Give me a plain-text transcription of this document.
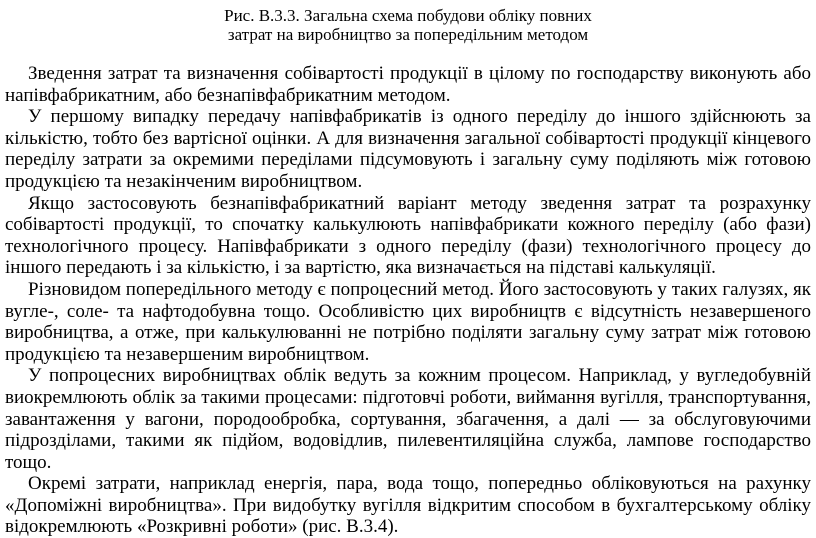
Рис. В.3.3. Загальна схема побудови обліку повних
затрат на виробництво за попередільним методом

Зведення затрат та визначення собівартості продукції в цілому по господарству виконують або напівфабрикатним, або безнапівфабрикатним методом.

У першому випадку передачу напівфабрикатів із одного переділу до іншого здійснюють за кількістю, тобто без вартісної оцінки. А для визначення загальної собівартості продукції кінцевого переділу затрати за окремими переділами підсумовують і загальну суму поділяють між готовою продукцією та незакінченим виробництвом.

Якщо застосовують безнапівфабрикатний варіант методу зведення затрат та розрахунку собівартості продукції, то спочатку калькулюють напівфабрикати кожного переділу (або фази) технологічного процесу. Напівфабрикати з одного переділу (фази) технологічного процесу до іншого передають і за кількістю, і за вартістю, яка визначається на підставі калькуляції.

Різновидом попередільного методу є попроцесний метод. Його застосовують у таких галузях, як вугле-, соле- та нафтодобувна тощо. Особливістю цих виробництв є відсутність незавершеного виробництва, а отже, при калькулюванні не потрібно поділяти загальну суму затрат між готовою продукцією та незавершеним виробництвом.

У попроцесних виробництвах облік ведуть за кожним процесом. Наприклад, у вугледобувній виокремлюють облік за такими процесами: підготовчі роботи, виймання вугілля, транспортування, завантаження у вагони, породообробка, сортування, збагачення, а далі — за обслуговуючими підрозділами, такими як підйом, водовідлив, пилевентиляційна служба, лампове господарство тощо.

Окремі затрати, наприклад енергія, пара, вода тощо, попередньо обліковуються на рахунку «Допоміжні виробництва». При видобутку вугілля відкритим способом в бухгалтерському обліку відокремлюють «Розкривні роботи» (рис. В.3.4).
